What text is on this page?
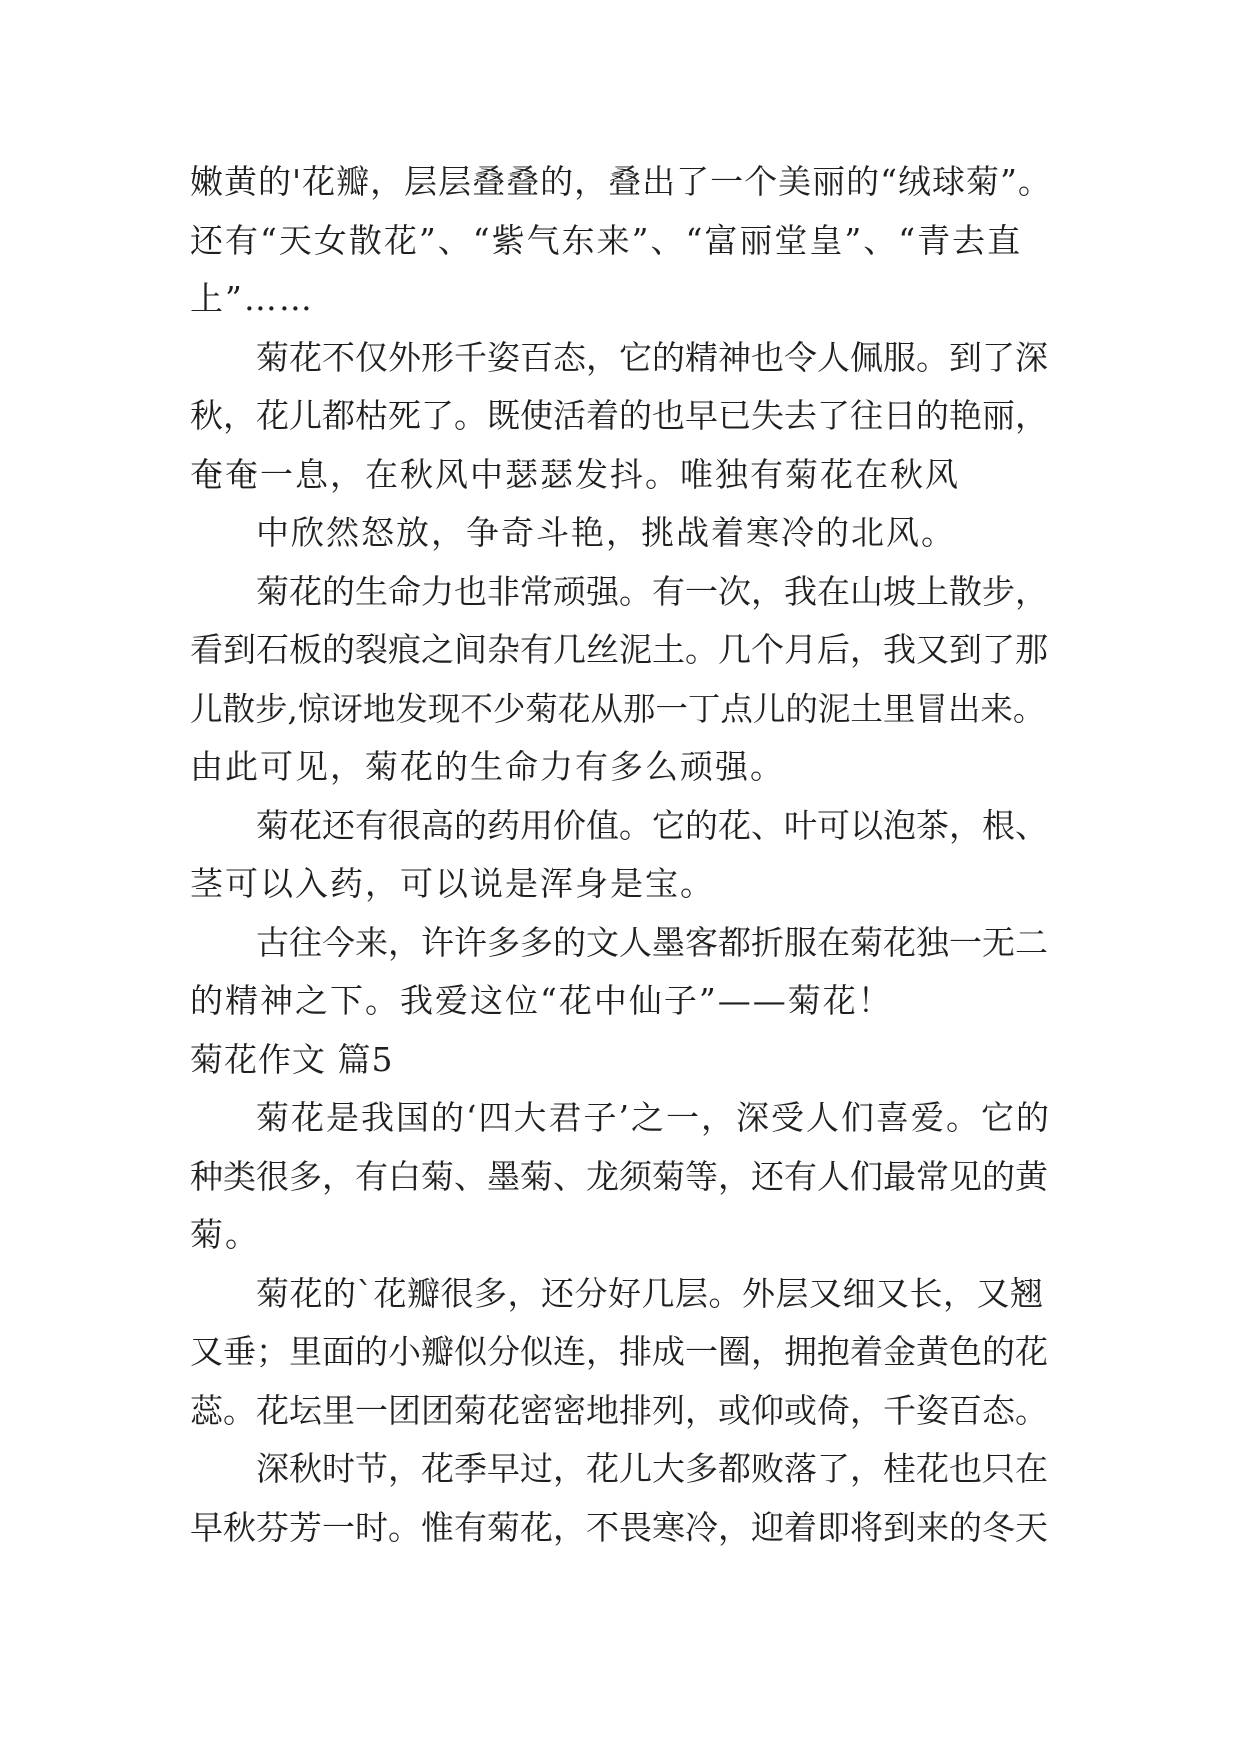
嫩黄的'花瓣，层层叠叠的，叠出了一个美丽的“绒球菊”。
还有“天女散花”、“紫气东来”、“富丽堂皇”、“青去直
上”……
菊花不仅外形千姿百态，它的精神也令人佩服。到了深
秋，花儿都枯死了。既使活着的也早已失去了往日的艳丽，
奄奄一息，在秋风中瑟瑟发抖。唯独有菊花在秋风
中欣然怒放，争奇斗艳，挑战着寒冷的北风。
菊花的生命力也非常顽强。有一次，我在山坡上散步，
看到石板的裂痕之间杂有几丝泥土。几个月后，我又到了那
儿散步,惊讶地发现不少菊花从那一丁点儿的泥土里冒出来。
由此可见，菊花的生命力有多么顽强。
菊花还有很高的药用价值。它的花、叶可以泡茶，根、
茎可以入药，可以说是浑身是宝。
古往今来，许许多多的文人墨客都折服在菊花独一无二
的精神之下。我爱这位“花中仙子”——菊花！
菊花作文 篇5
菊花是我国的‘四大君子’之一，深受人们喜爱。它的
种类很多，有白菊、墨菊、龙须菊等，还有人们最常见的黄
菊。
菊花的`花瓣很多，还分好几层。外层又细又长，又翘
又垂；里面的小瓣似分似连，排成一圈，拥抱着金黄色的花
蕊。花坛里一团团菊花密密地排列，或仰或倚，千姿百态。
深秋时节，花季早过，花儿大多都败落了，桂花也只在
早秋芬芳一时。惟有菊花，不畏寒冷，迎着即将到来的冬天
